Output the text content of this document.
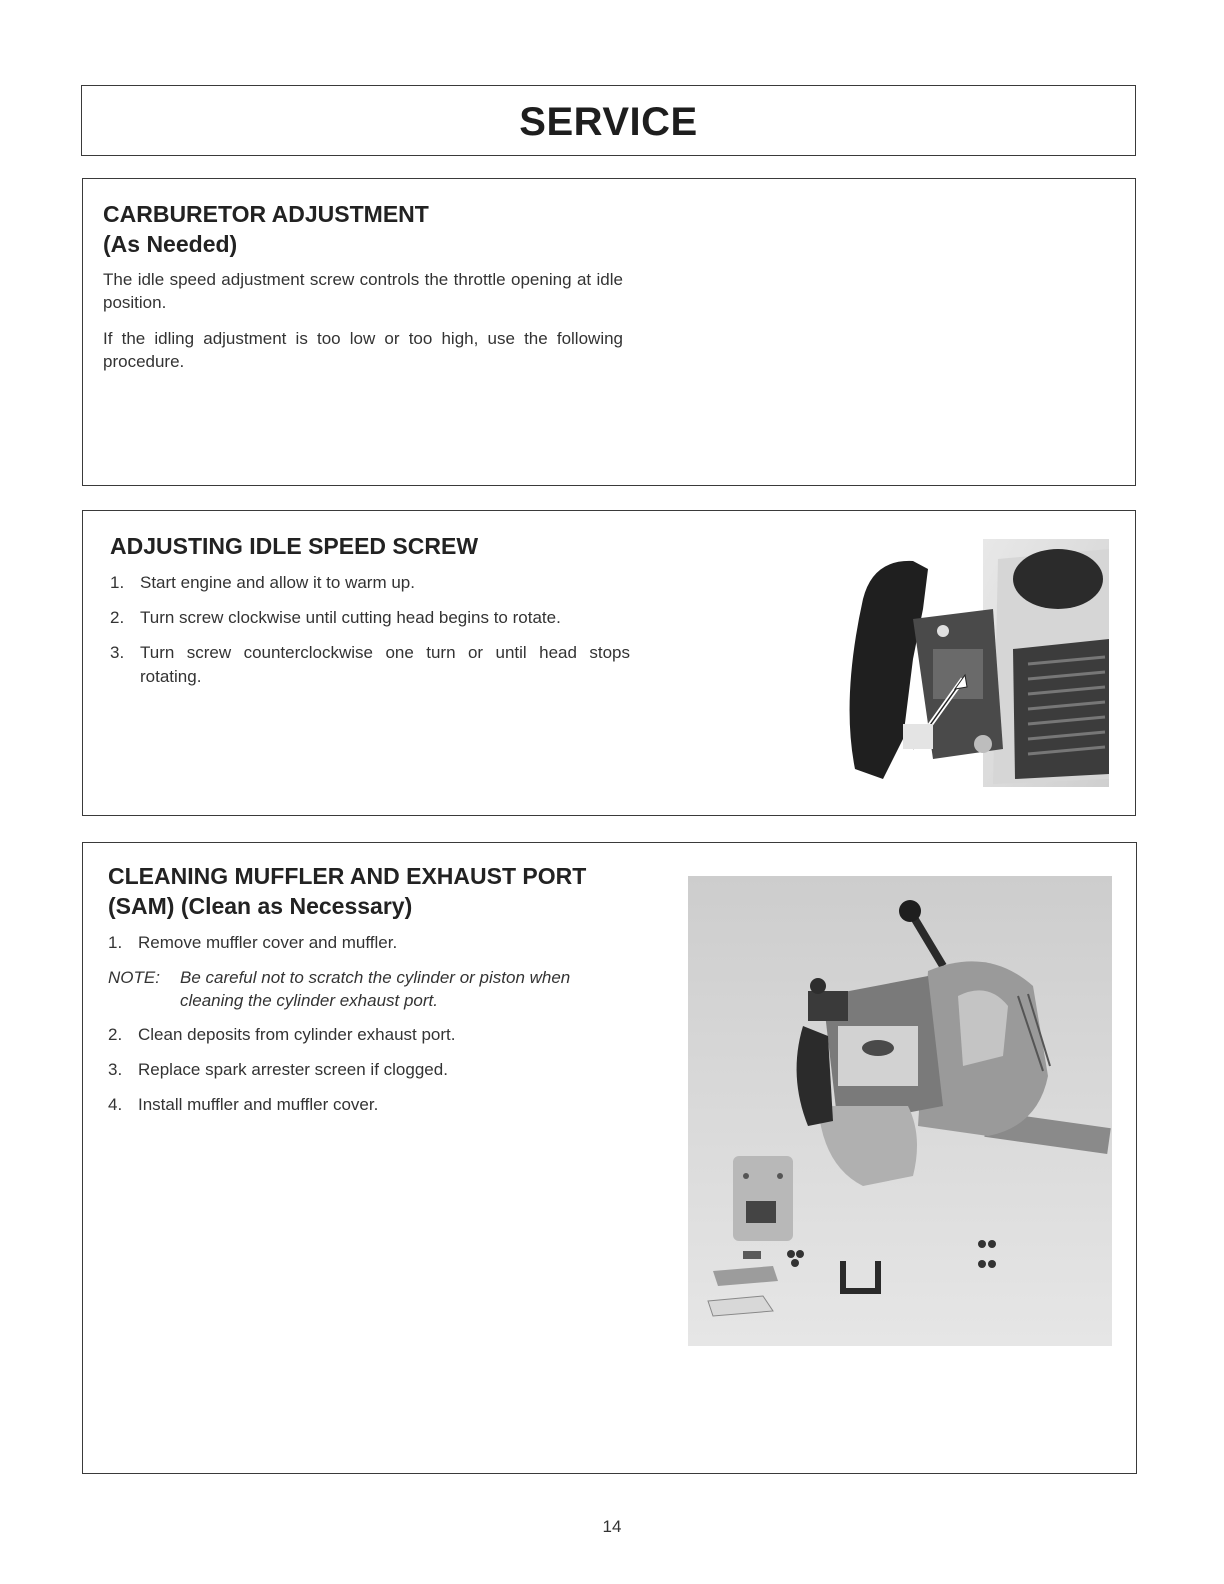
SERVICE
CARBURETOR ADJUSTMENT
(As Needed)
The idle speed adjustment screw controls the throttle opening at idle position.
If the idling adjustment is too low or too high, use the following procedure.
ADJUSTING IDLE SPEED SCREW
1. Start engine and allow it to warm up.
2. Turn screw clockwise until cutting head begins to rotate.
3. Turn screw counterclockwise one turn or until head stops rotating.
CLEANING MUFFLER AND EXHAUST PORT
(SAM) (Clean as Necessary)
1. Remove muffler cover and muffler.
NOTE: Be careful not to scratch the cylinder or piston when cleaning the cylinder exhaust port.
2. Clean deposits from cylinder exhaust port.
3. Replace spark arrester screen if clogged.
4. Install muffler and muffler cover.
14
